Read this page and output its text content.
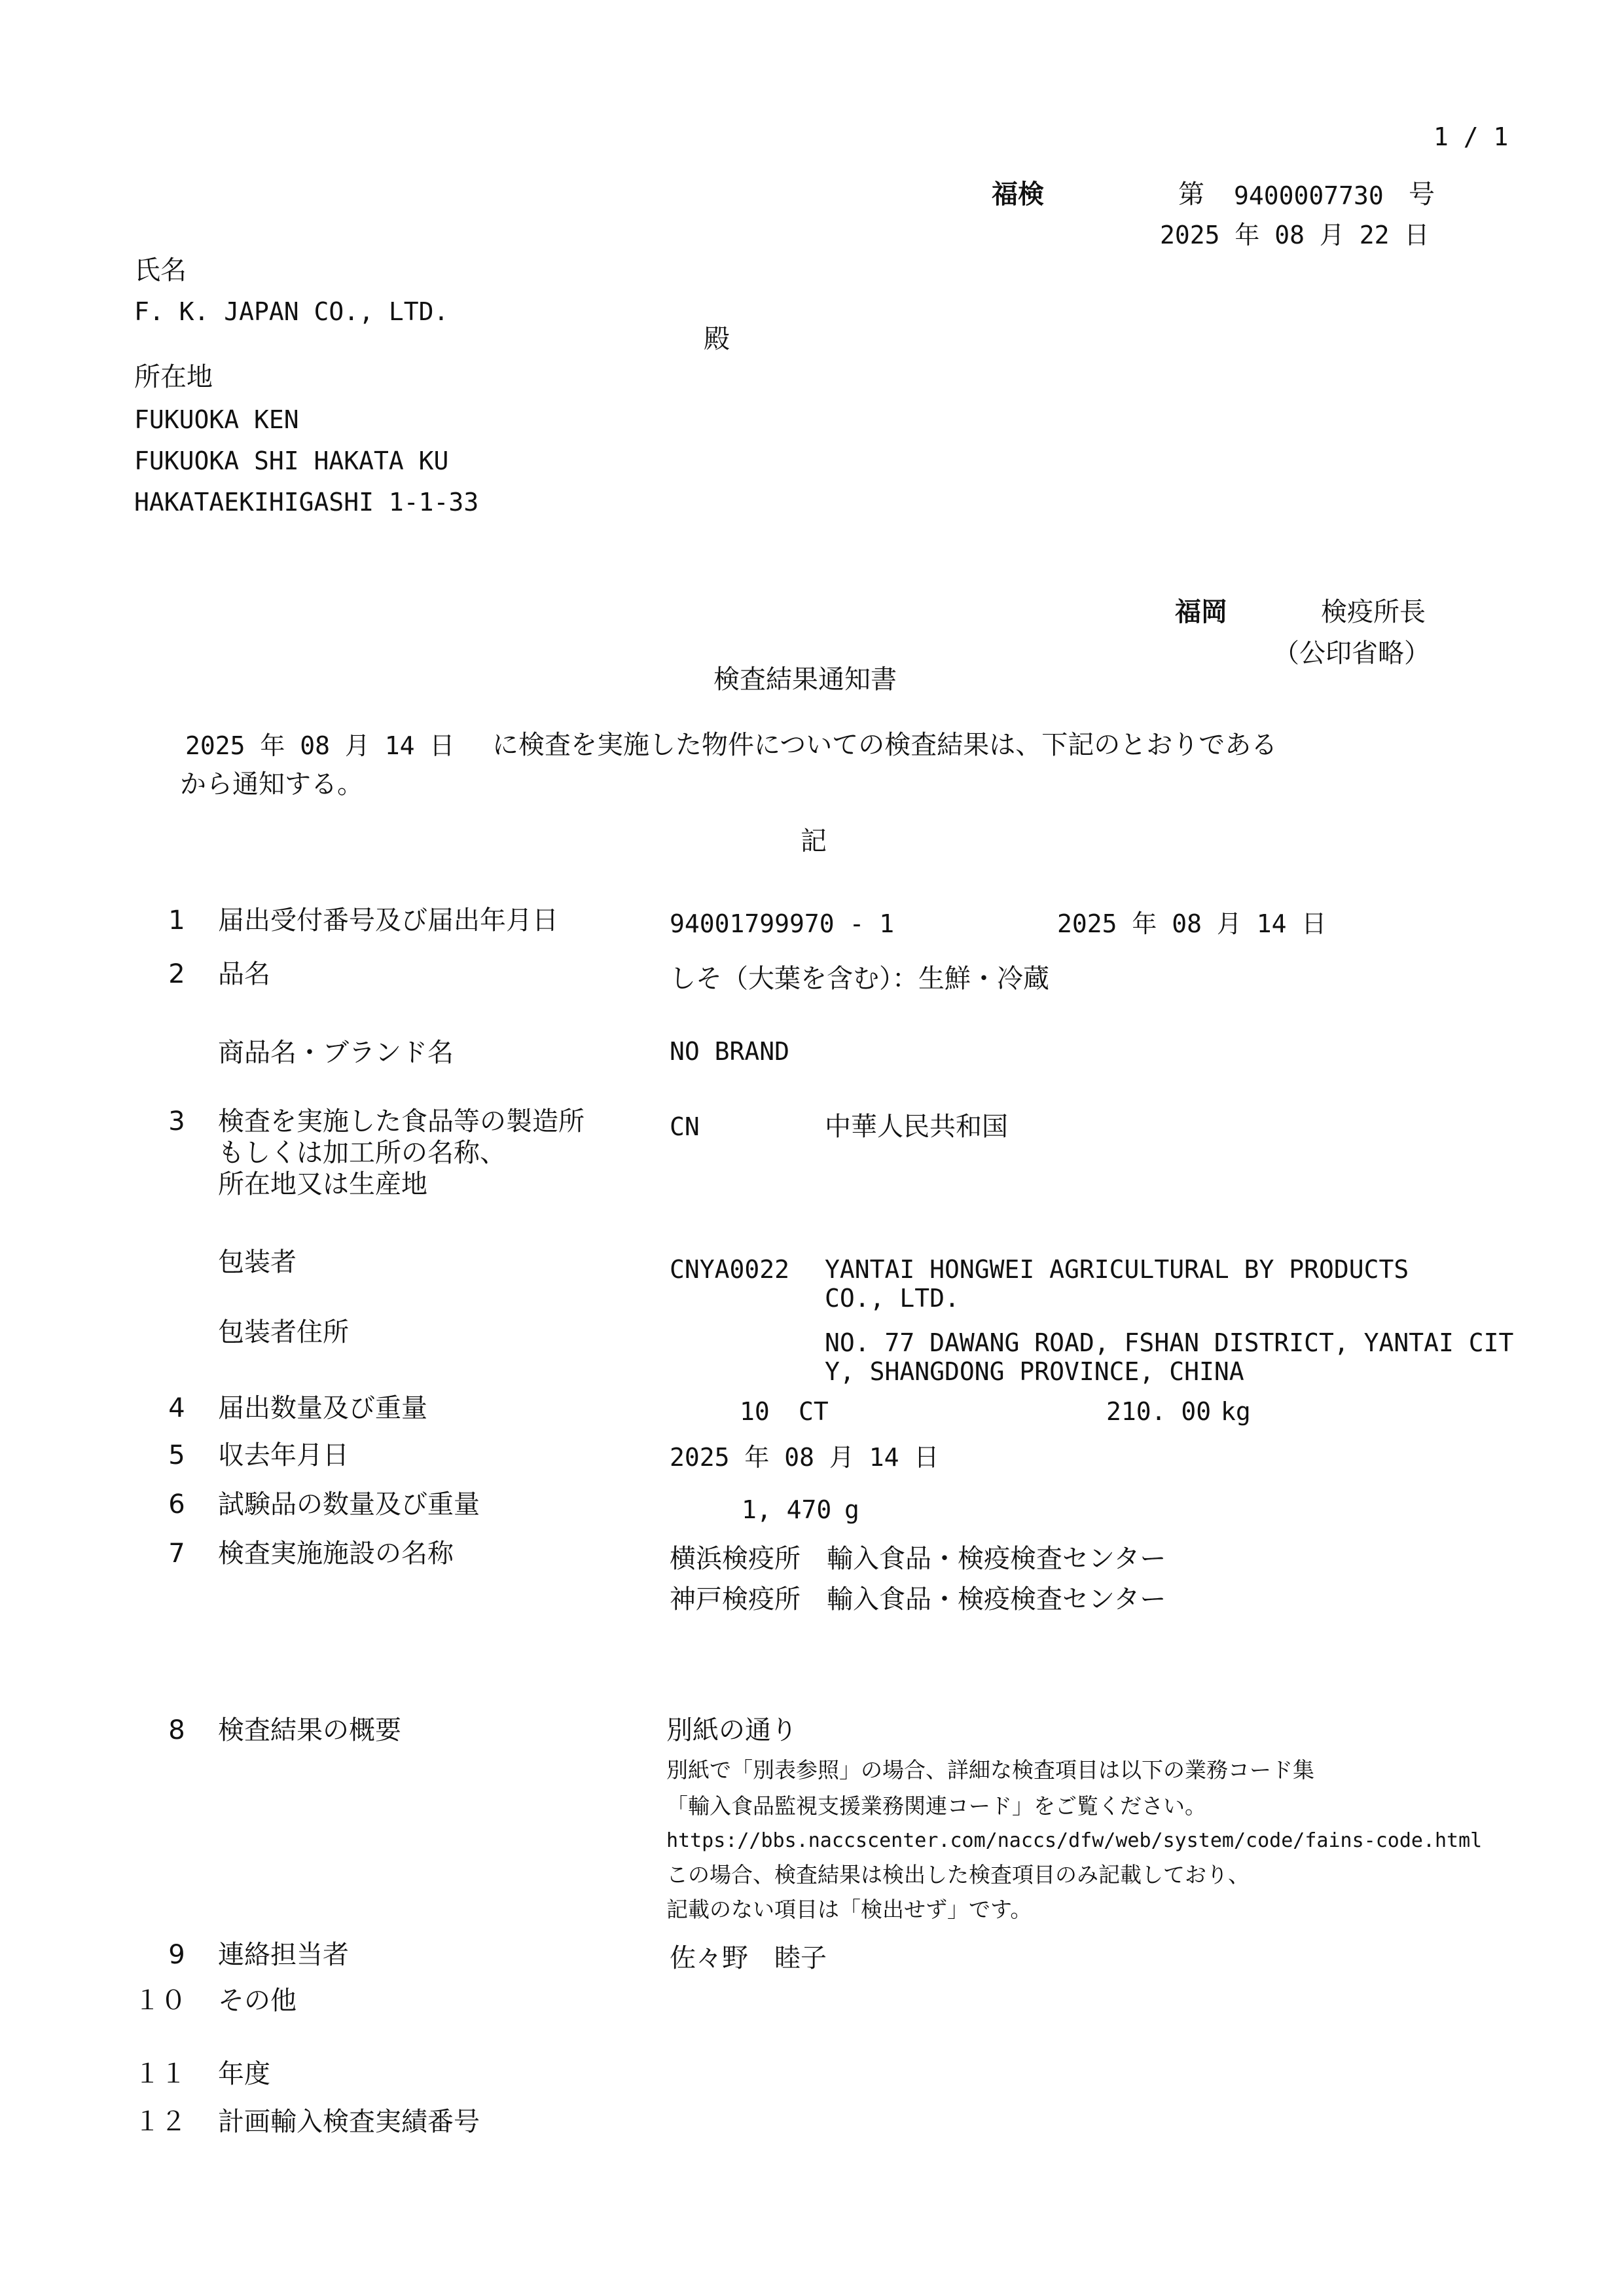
1 / 1
福検	第 9400007730 号
2025 年 08 月 22 日
氏名
F. K. JAPAN CO., LTD.
殿
所在地
FUKUOKA KEN
FUKUOKA SHI HAKATA KU
HAKATAEKIHIGASHI 1-1-33
福岡	検疫所長
（公印省略）
検査結果通知書
2025 年 08 月 14 日 に検査を実施した物件についての検査結果は、下記のとおりである
から通知する。
記
1	届出受付番号及び届出年月日	94001799970 - 1	2025 年 08 月 14 日
2	品名	しそ（大葉を含む）：生鮮・冷蔵
商品名・ブランド名	NO BRAND
3	検査を実施した食品等の製造所
もしくは加工所の名称、
所在地又は生産地
CN	中華人民共和国
包装者	CNYA0022 YANTAI HONGWEI AGRICULTURAL BY PRODUCTS
CO., LTD.
包装者住所	NO. 77 DAWANG ROAD, FSHAN DISTRICT, YANTAI CIT
Y, SHANGDONG PROVINCE, CHINA
4	届出数量及び重量	10 CT	210. 00 kg
5	収去年月日	2025 年 08 月 14 日
6	試験品の数量及び重量	1, 470 g
7	検査実施施設の名称	横浜検疫所　輸入食品・検疫検査センター
神戸検疫所　輸入食品・検疫検査センター
8	検査結果の概要	別紙の通り
別紙で「別表参照」の場合、詳細な検査項目は以下の業務コード集
「輸入食品監視支援業務関連コード」をご覧ください。
https://bbs.naccscenter.com/naccs/dfw/web/system/code/fains-code.html
この場合、検査結果は検出した検査項目のみ記載しており、
記載のない項目は「検出せず」です。
9	連絡担当者	佐々野　睦子
１０ その他
１１ 年度
１２ 計画輸入検査実績番号
